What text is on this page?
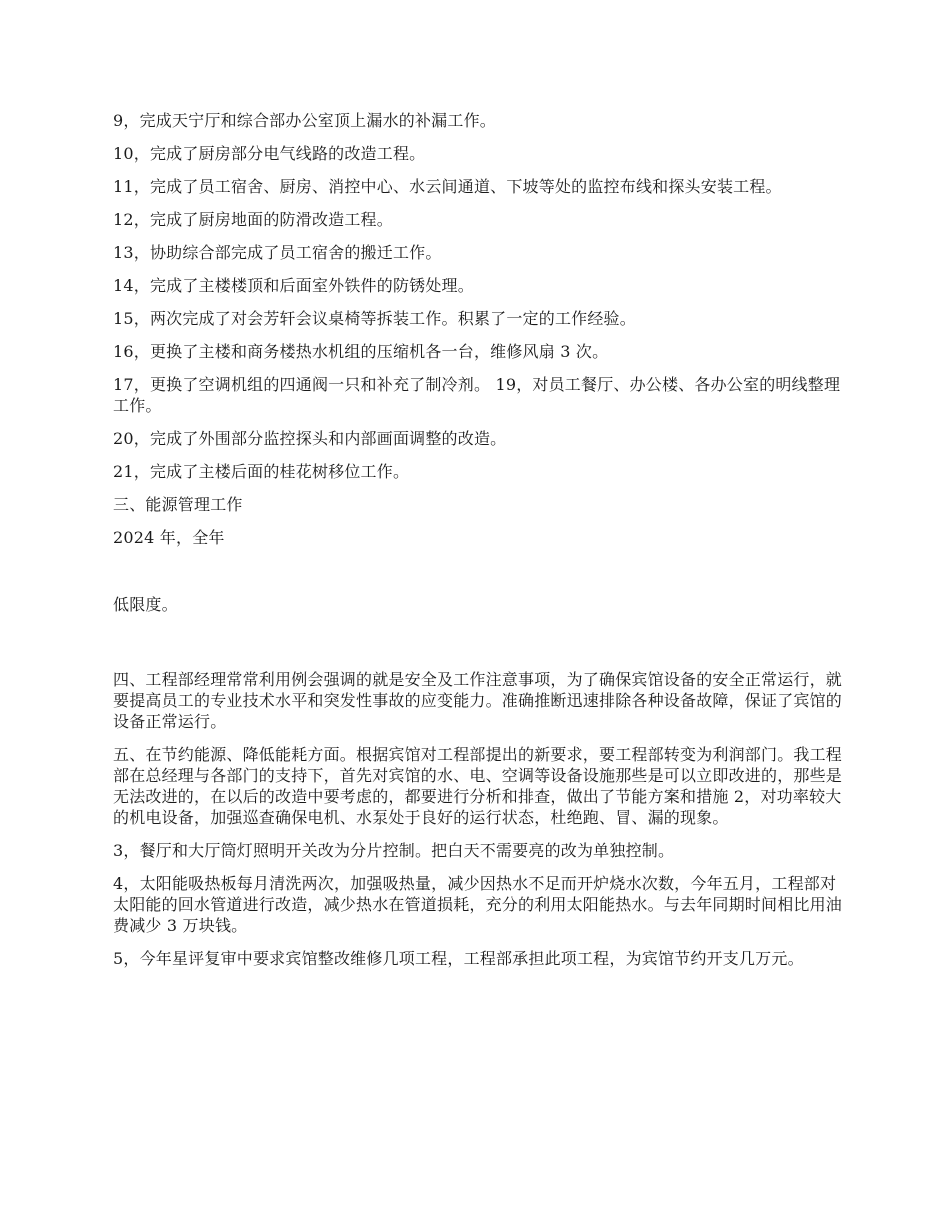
9，完成天宁厅和综合部办公室顶上漏水的补漏工作。

10，完成了厨房部分电气线路的改造工程。

11，完成了员工宿舍、厨房、消控中心、水云间通道、下坡等处的监控布线和探头安装工程。

12，完成了厨房地面的防滑改造工程。

13，协助综合部完成了员工宿舍的搬迁工作。

14，完成了主楼楼顶和后面室外铁件的防锈处理。

15，两次完成了对会芳轩会议桌椅等拆装工作。积累了一定的工作经验。

16，更换了主楼和商务楼热水机组的压缩机各一台，维修风扇 3 次。

17，更换了空调机组的四通阀一只和补充了制冷剂。 19，对员工餐厅、办公楼、各办公室的明线整理工作。

20，完成了外围部分监控探头和内部画面调整的改造。

21，完成了主楼后面的桂花树移位工作。

三、能源管理工作

2024 年，全年

低限度。

四、工程部经理常常利用例会强调的就是安全及工作注意事项，为了确保宾馆设备的安全正常运行，就要提高员工的专业技术水平和突发性事故的应变能力。准确推断迅速排除各种设备故障，保证了宾馆的设备正常运行。

五、在节约能源、降低能耗方面。根据宾馆对工程部提出的新要求，要工程部转变为利润部门。我工程部在总经理与各部门的支持下，首先对宾馆的水、电、空调等设备设施那些是可以立即改进的，那些是无法改进的，在以后的改造中要考虑的，都要进行分析和排查，做出了节能方案和措施 2，对功率较大的机电设备，加强巡查确保电机、水泵处于良好的运行状态，杜绝跑、冒、漏的现象。

3，餐厅和大厅筒灯照明开关改为分片控制。把白天不需要亮的改为单独控制。

4，太阳能吸热板每月清洗两次，加强吸热量，减少因热水不足而开炉烧水次数，今年五月，工程部对太阳能的回水管道进行改造，减少热水在管道损耗，充分的利用太阳能热水。与去年同期时间相比用油费减少 3 万块钱。

5，今年星评复审中要求宾馆整改维修几项工程，工程部承担此项工程，为宾馆节约开支几万元。
